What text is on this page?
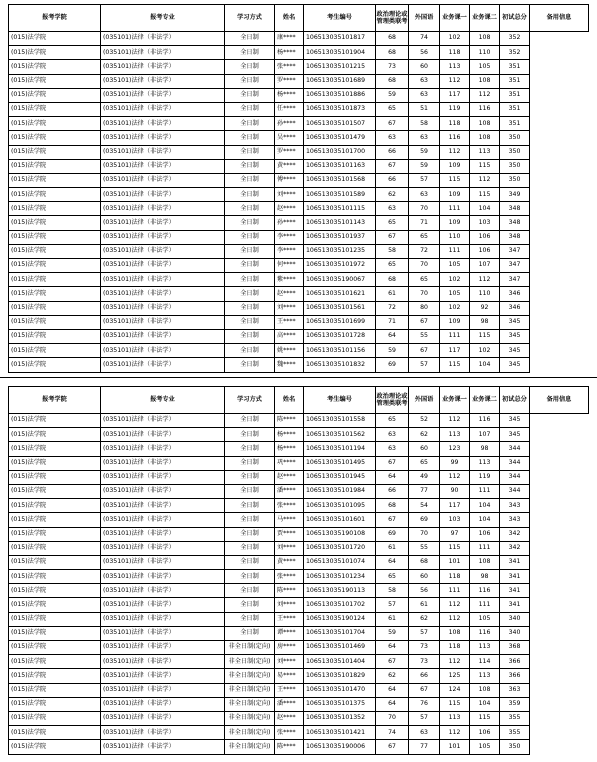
报考学院	报考专业	学习方式	姓名	考生编号	政治理论或管理类联考	外国语	业务课一	业务课二	初试总分	备用信息
(015)法学院	(035101)法律（非法学）	全日制	康****	106513035101817	68	74	102	108	352	
(015)法学院	(035101)法律（非法学）	全日制	杨****	106513035101904	68	56	118	110	352	
(015)法学院	(035101)法律（非法学）	全日制	张****	106513035101215	73	60	113	105	351	
(015)法学院	(035101)法律（非法学）	全日制	罗****	106513035101689	68	63	112	108	351	
(015)法学院	(035101)法律（非法学）	全日制	杨****	106513035101886	59	63	117	112	351	
(015)法学院	(035101)法律（非法学）	全日制	任****	106513035101873	65	51	119	116	351	
(015)法学院	(035101)法律（非法学）	全日制	孙****	106513035101507	67	58	118	108	351	
(015)法学院	(035101)法律（非法学）	全日制	吴****	106513035101479	63	63	116	108	350	
(015)法学院	(035101)法律（非法学）	全日制	罗****	106513035101700	66	59	112	113	350	
(015)法学院	(035101)法律（非法学）	全日制	黄****	106513035101163	67	59	109	115	350	
(015)法学院	(035101)法律（非法学）	全日制	傅****	106513035101568	66	57	115	112	350	
(015)法学院	(035101)法律（非法学）	全日制	刘****	106513035101589	62	63	109	115	349	
(015)法学院	(035101)法律（非法学）	全日制	赵****	106513035101115	63	70	111	104	348	
(015)法学院	(035101)法律（非法学）	全日制	孙****	106513035101143	65	71	109	103	348	
(015)法学院	(035101)法律（非法学）	全日制	李****	106513035101937	67	65	110	106	348	
(015)法学院	(035101)法律（非法学）	全日制	李****	106513035101235	58	72	111	106	347	
(015)法学院	(035101)法律（非法学）	全日制	何****	106513035101972	65	70	105	107	347	
(015)法学院	(035101)法律（非法学）	全日制	紫****	106513035190067	68	65	102	112	347	
(015)法学院	(035101)法律（非法学）	全日制	赵****	106513035101621	61	70	105	110	346	
(015)法学院	(035101)法律（非法学）	全日制	刘****	106513035101561	72	80	102	92	346	
(015)法学院	(035101)法律（非法学）	全日制	王****	106513035101699	71	67	109	98	345	
(015)法学院	(035101)法律（非法学）	全日制	高****	106513035101728	64	55	111	115	345	
(015)法学院	(035101)法律（非法学）	全日制	姚****	106513035101156	59	67	117	102	345	
(015)法学院	(035101)法律（非法学）	全日制	魏****	106513035101832	69	57	115	104	345	
报考学院	报考专业	学习方式	姓名	考生编号	政治理论或管理类联考	外国语	业务课一	业务课二	初试总分	备用信息
(015)法学院	(035101)法律（非法学）	全日制	陈****	106513035101558	65	52	112	116	345	
(015)法学院	(035101)法律（非法学）	全日制	杨****	106513035101562	63	62	113	107	345	
(015)法学院	(035101)法律（非法学）	全日制	杨****	106513035101194	63	60	123	98	344	
(015)法学院	(035101)法律（非法学）	全日制	巩****	106513035101495	67	65	99	113	344	
(015)法学院	(035101)法律（非法学）	全日制	赵****	106513035101945	64	49	112	119	344	
(015)法学院	(035101)法律（非法学）	全日制	潘****	106513035101984	66	77	90	111	344	
(015)法学院	(035101)法律（非法学）	全日制	张****	106513035101095	68	54	117	104	343	
(015)法学院	(035101)法律（非法学）	全日制	马****	106513035101601	67	69	103	104	343	
(015)法学院	(035101)法律（非法学）	全日制	贾****	106513035190108	69	70	97	106	342	
(015)法学院	(035101)法律（非法学）	全日制	刘****	106513035101720	61	55	115	111	342	
(015)法学院	(035101)法律（非法学）	全日制	黄****	106513035101074	64	68	101	108	341	
(015)法学院	(035101)法律（非法学）	全日制	张****	106513035101234	65	60	118	98	341	
(015)法学院	(035101)法律（非法学）	全日制	陈****	106513035190113	58	56	111	116	341	
(015)法学院	(035101)法律（非法学）	全日制	刘****	106513035101702	57	61	112	111	341	
(015)法学院	(035101)法律（非法学）	全日制	王****	106513035190124	61	62	112	105	340	
(015)法学院	(035101)法律（非法学）	全日制	谭****	106513035101704	59	57	108	116	340	
(015)法学院	(035101)法律（非法学）	非全日制(定向)	房****	106513035101469	64	73	118	113	368	
(015)法学院	(035101)法律（非法学）	非全日制(定向)	刘****	106513035101404	67	73	112	114	366	
(015)法学院	(035101)法律（非法学）	非全日制(定向)	易****	106513035101829	62	66	125	113	366	
(015)法学院	(035101)法律（非法学）	非全日制(定向)	王****	106513035101470	64	67	124	108	363	
(015)法学院	(035101)法律（非法学）	非全日制(定向)	潘****	106513035101375	64	76	115	104	359	
(015)法学院	(035101)法律（非法学）	非全日制(定向)	赵****	106513035101352	70	57	113	115	355	
(015)法学院	(035101)法律（非法学）	非全日制(定向)	张****	106513035101421	74	63	112	106	355	
(015)法学院	(035101)法律（非法学）	非全日制(定向)	陈****	106513035190006	67	77	101	105	350	
